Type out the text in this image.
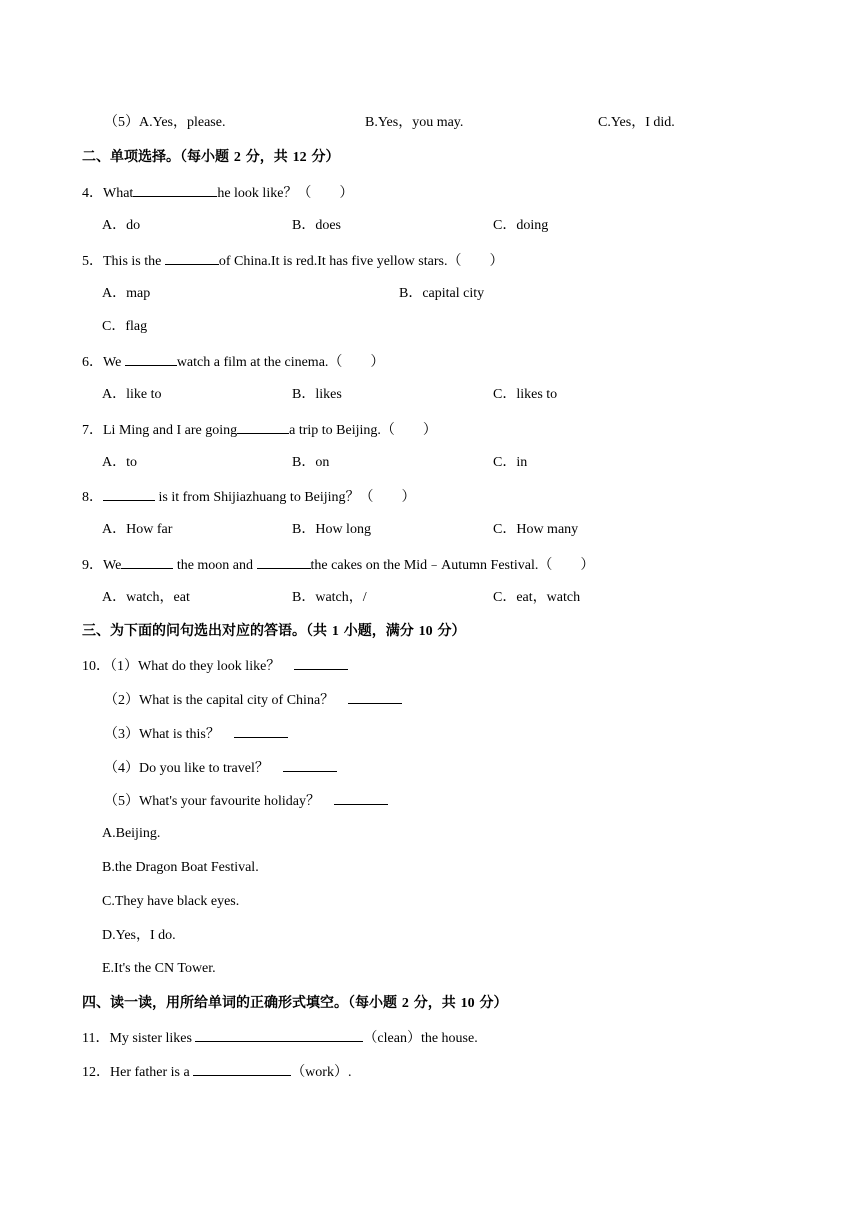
（5）A.Yes，please.	B.Yes，you may.	C.Yes，I did.
二、单项选择。（每小题 2 分，共 12 分）
4．What	he look like？（　　）
A．do	B．does	C．doing
5．This is the	of China.It is red.It has five yellow stars.（　　）
A．map	B．capital city
C．flag
6．We	watch a film at the cinema.（　　）
A．like to	B．likes	C．likes to
7．Li Ming and I are going	a trip to Beijing.（　　）
A．to	B．on	C．in
8．	is it from Shijiazhuang to Beijing？（　　）
A．How far	B．How long	C．How many
9．We	the moon and	the cakes on the Mid﹣Autumn Festival.（　　）
A．watch，eat	B．watch，/	C．eat，watch
三、为下面的问句选出对应的答语。（共 1 小题，满分 10 分）
10．（1）What do they look like？
（2）What is the capital city of China？
（3）What is this？
（4）Do you like to travel？
（5）What's your favourite holiday？
A.Beijing.
B.the Dragon Boat Festival.
C.They have black eyes.
D.Yes，I do.
E.It's the CN Tower.
四、读一读，用所给单词的正确形式填空。（每小题 2 分，共 10 分）
11．My sister likes	（clean）the house.
12．Her father is a	（work）.
